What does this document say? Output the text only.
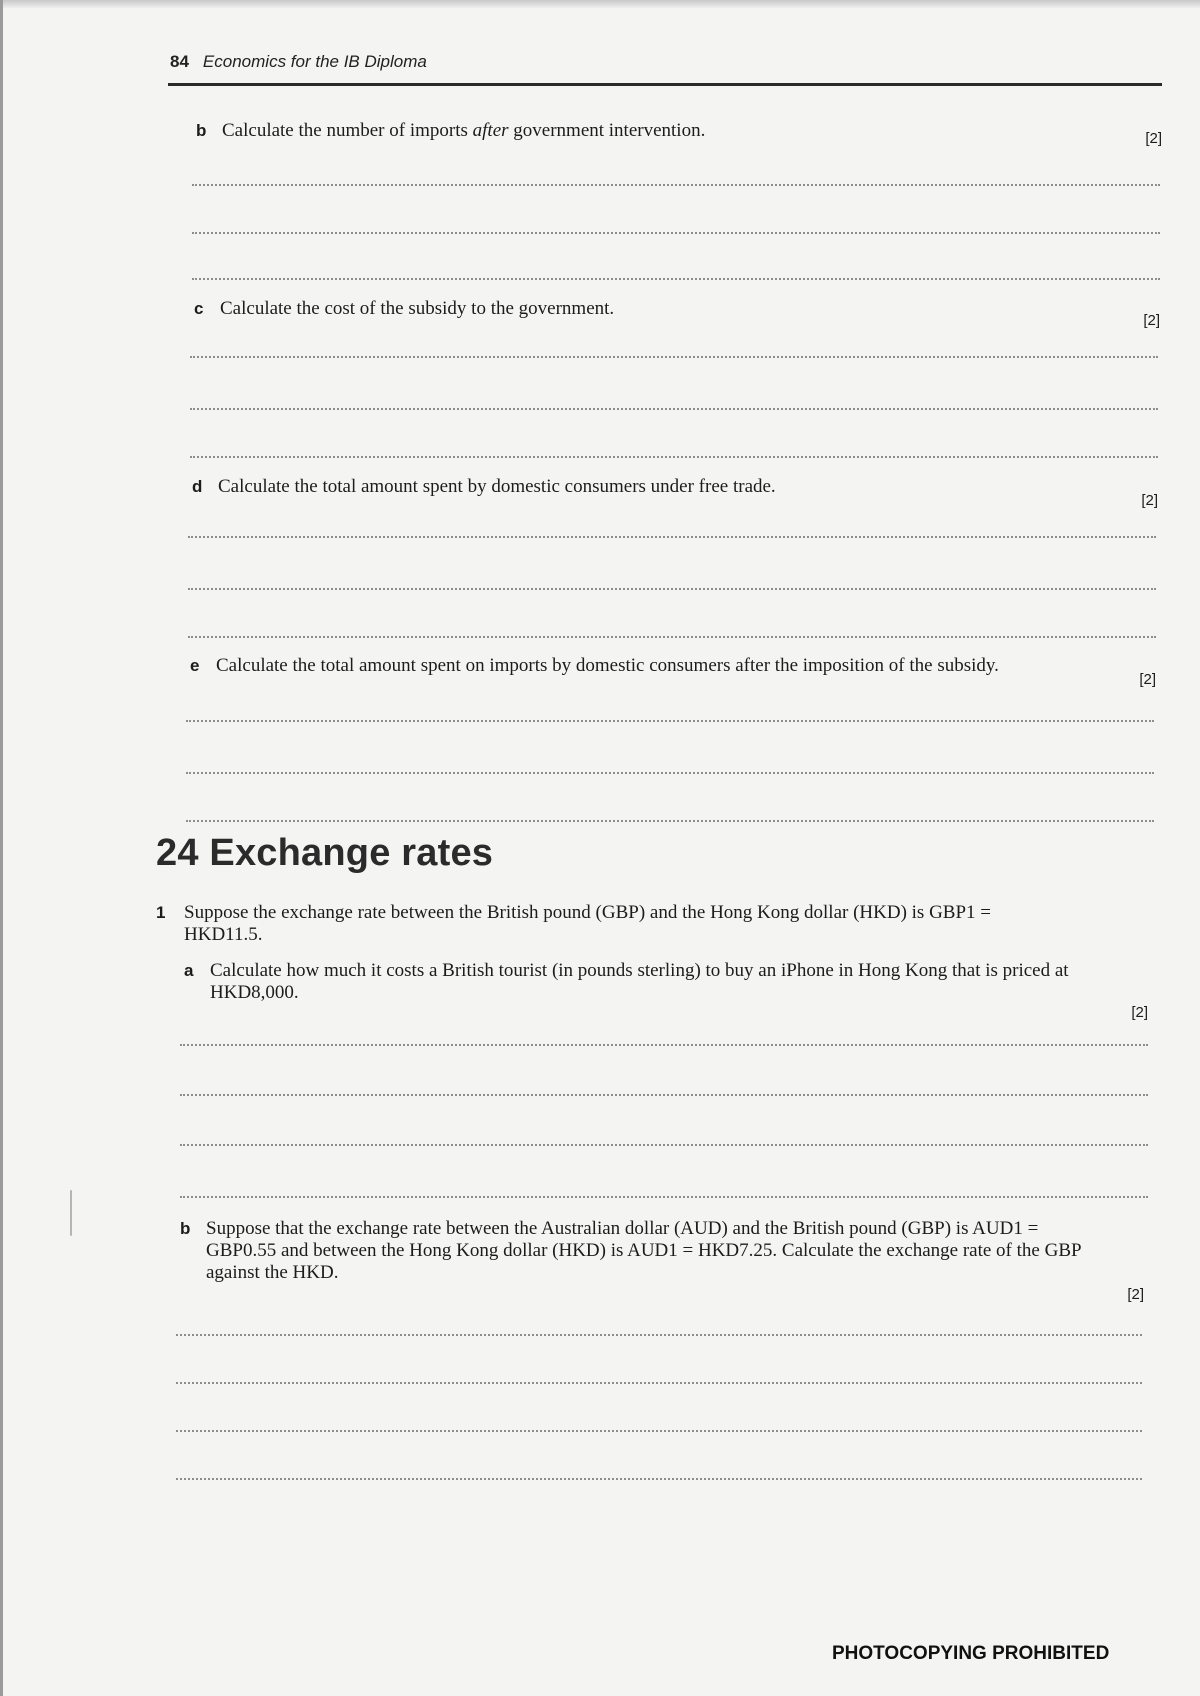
84 Economics for the IB Diploma
b Calculate the number of imports after government intervention.	[2]
c Calculate the cost of the subsidy to the government.
[2]
d Calculate the total amount spent by domestic consumers under free trade.
[2]
e Calculate the total amount spent on imports by domestic consumers after the imposition of the subsidy.
[2]
24 Exchange rates
1 Suppose the exchange rate between the British pound (GBP) and the Hong Kong dollar (HKD) is GBP1 = HKD11.5.
a Calculate how much it costs a British tourist (in pounds sterling) to buy an iPhone in Hong Kong that is priced at HKD8,000.
[2]
b Suppose that the exchange rate between the Australian dollar (AUD) and the British pound (GBP) is AUD1 = GBP0.55 and between the Hong Kong dollar (HKD) is AUD1 = HKD7.25. Calculate the exchange rate of the GBP against the HKD.
[2]
PHOTOCOPYING PROHIBITED
